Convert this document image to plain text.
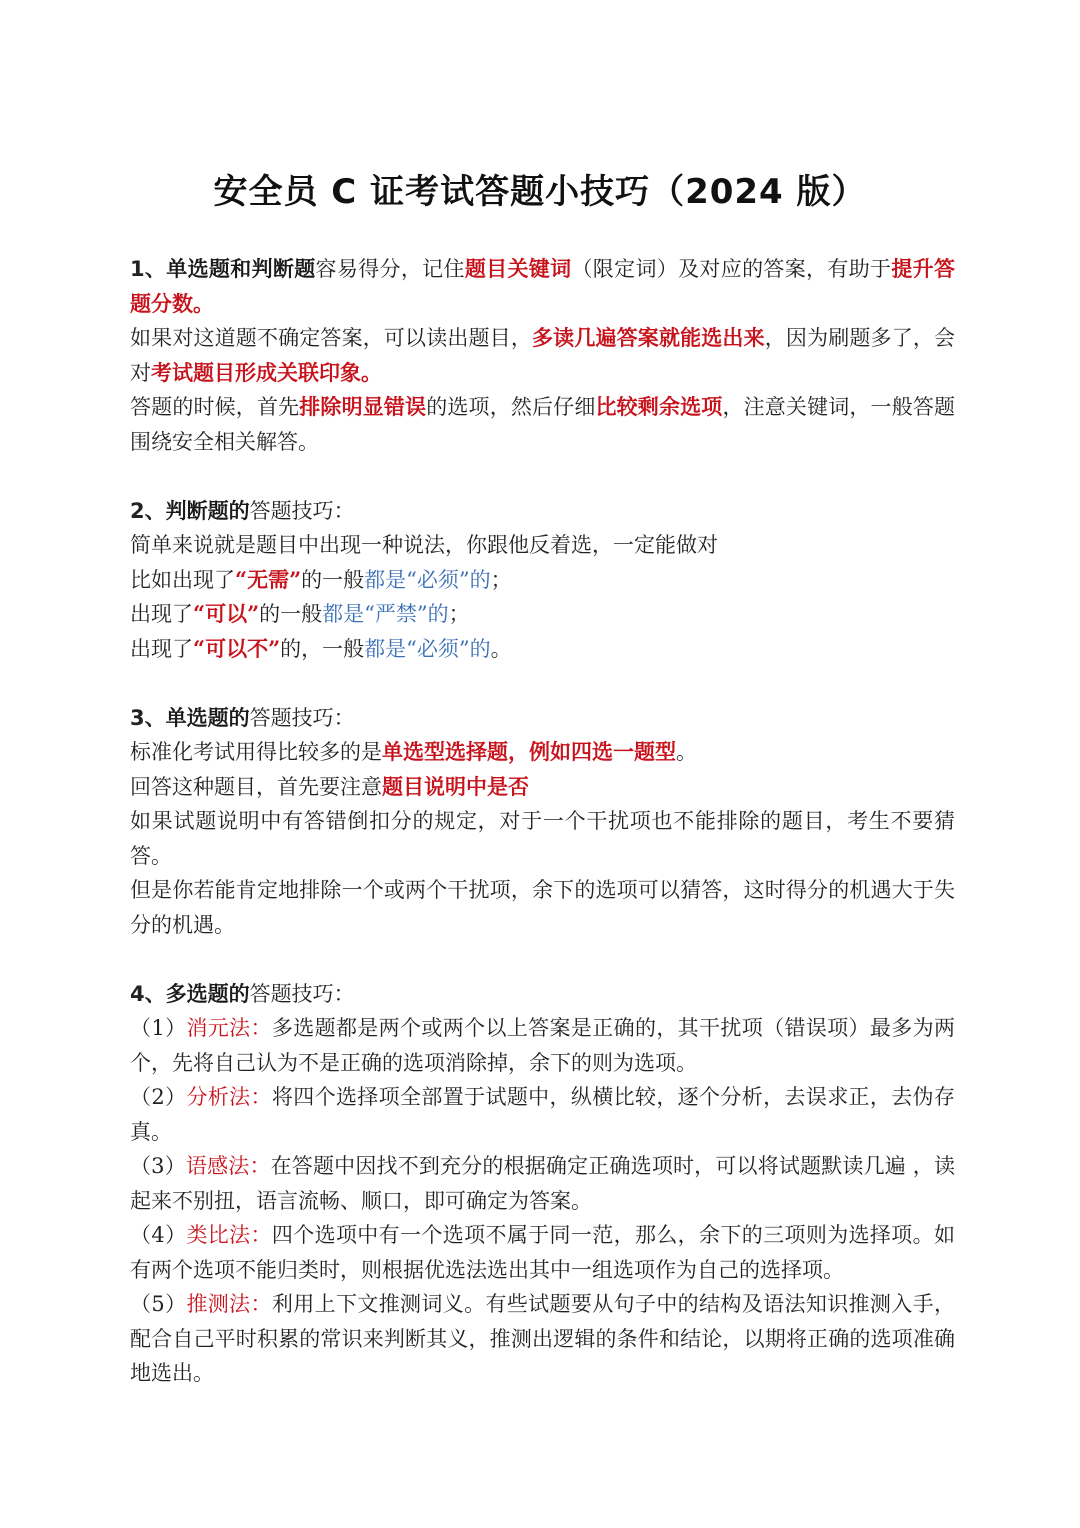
安全员 C 证考试答题小技巧（2024 版）

1、单选题和判断题容易得分，记住题目关键词（限定词）及对应的答案，有助于提升答题分数。

如果对这道题不确定答案，可以读出题目，多读几遍答案就能选出来，因为刷题多了，会对考试题目形成关联印象。

答题的时候，首先排除明显错误的选项，然后仔细比较剩余选项，注意关键词，一般答题围绕安全相关解答。

2、判断题的答题技巧：

简单来说就是题目中出现一种说法，你跟他反着选，一定能做对

比如出现了“无需”的一般都是“必须”的；

出现了“可以”的一般都是“严禁”的；

出现了“可以不”的，一般都是“必须”的。

3、单选题的答题技巧：

标准化考试用得比较多的是单选型选择题，例如四选一题型。

回答这种题目，首先要注意题目说明中是否

如果试题说明中有答错倒扣分的规定，对于一个干扰项也不能排除的题目，考生不要猜答。

但是你若能肯定地排除一个或两个干扰项，余下的选项可以猜答，这时得分的机遇大于失分的机遇。

4、多选题的答题技巧：

（1）消元法：多选题都是两个或两个以上答案是正确的，其干扰项（错误项）最多为两个，先将自己认为不是正确的选项消除掉，余下的则为选项。

（2）分析法：将四个选择项全部置于试题中，纵横比较，逐个分析，去误求正，去伪存真。

（3）语感法：在答题中因找不到充分的根据确定正确选项时，可以将试题默读几遍 ，读起来不别扭，语言流畅、顺口，即可确定为答案。

（4）类比法：四个选项中有一个选项不属于同一范，那么，余下的三项则为选择项。如有两个选项不能归类时，则根据优选法选出其中一组选项作为自己的选择项。

（5）推测法：利用上下文推测词义。有些试题要从句子中的结构及语法知识推测入手，配合自己平时积累的常识来判断其义，推测出逻辑的条件和结论，以期将正确的选项准确地选出。
